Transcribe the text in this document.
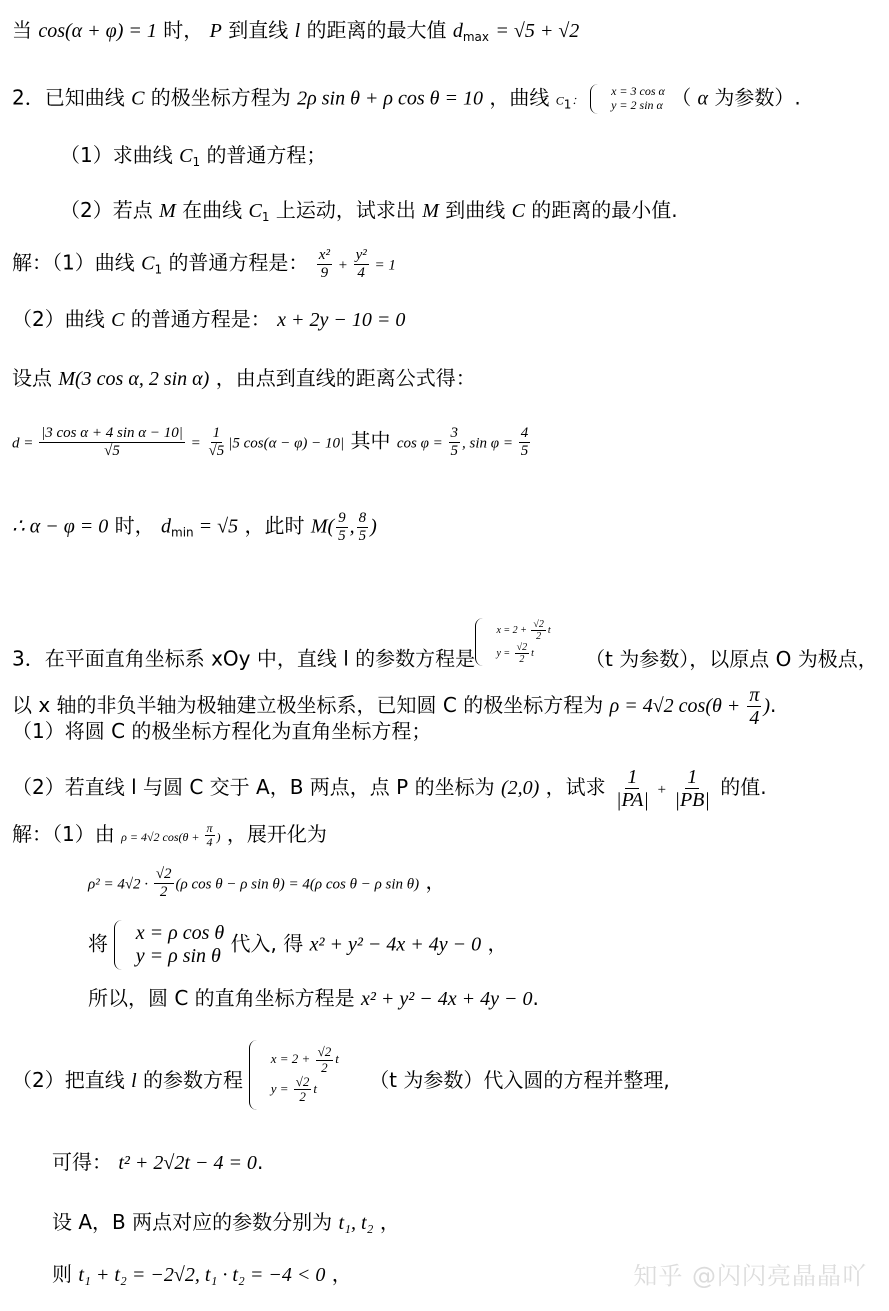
当 cos(α + φ) = 1 时， P 到直线 l 的距离的最大值 $d_{max} = √5 + √2$
2．已知曲线 C 的极坐标方程为 2ρ sin θ + ρ cos θ = 10 ，曲线 $C_1$：
x = 3 cos α
y = 2 sin α （ α 为参数）.
（1）求曲线 $C_1$ 的普通方程；
（2）若点 M 在曲线 $C_1$ 上运动，试求出 M 到曲线 C 的距离的最小值.
解：（1）曲线 $C_1$ 的普通方程是： $\frac{\text{x²}}{9} + \frac{\text{y²}}{4} = 1$
（2）曲线 C 的普通方程是： x + 2y − 10 = 0
设点 M(3 cos α, 2 sin α) ，由点到直线的距离公式得：
$d = \frac{\text{|3 cos α + 4 sin α − 10|}}{√5} = \frac{1}{√5} |5$ cos(α − φ) − 10| 其中 $\cos \varphi = \frac{3}{5}$ , $\sin \varphi = \frac{4}{5}$
∴ α − φ = 0 时， $d_{min} = √5$ ，此时 $M( \frac{9}{5}$ , $\frac{8}{5}$ )
3．在平面直角坐标系 xOy 中，直线 l 的参数方程是
$x = 2 + \frac{√2}{2}$ t
$y = \frac{√2}{2}$ t	（t 为参数），以原点 O 为极点，
以 x 轴的非负半轴为极轴建立极坐标系，已知圆 C 的极坐标方程为 ρ = 4√2 $\cos(\theta + \frac{\pi}{4}$ ).
（1）将圆 C 的极坐标方程化为直角坐标方程；
（2）若直线 l 与圆 C 交于 A，B 两点，点 P 的坐标为 (2,0) ，试求 $\frac{1}{|PA|} + \frac{1}{|PB|}$ 的值.
解：（1）由 ρ = 4√2 $\cos(\theta + \frac{\pi}{4}$ ) ，展开化为
$\rho^2 = 4√2 \cdot \frac{√2}{2} (\rho$ cos θ − ρ sin θ) = 4(ρ cos θ − ρ sin θ) ，
将 x = ρ cos θ
y = ρ sin θ
代入, 得 x² + y² − 4x + 4y − 0 ，
所以，圆 C 的直角坐标方程是 x² + y² − 4x + 4y − 0.
（2）把直线 l 的参数方程
$x = 2 + \frac{√2}{2}$ t
$y = \frac{√2}{2}$ t	（t 为参数）代入圆的方程并整理,
可得： t² + 2√2t − 4 = 0.
设 A，B 两点对应的参数分别为 t₁, t₂ ，
则 t₁ + t₂ = −2√2, t₁ · t₂ = −4 < 0 ，	知乎 @闪闪亮晶晶吖
